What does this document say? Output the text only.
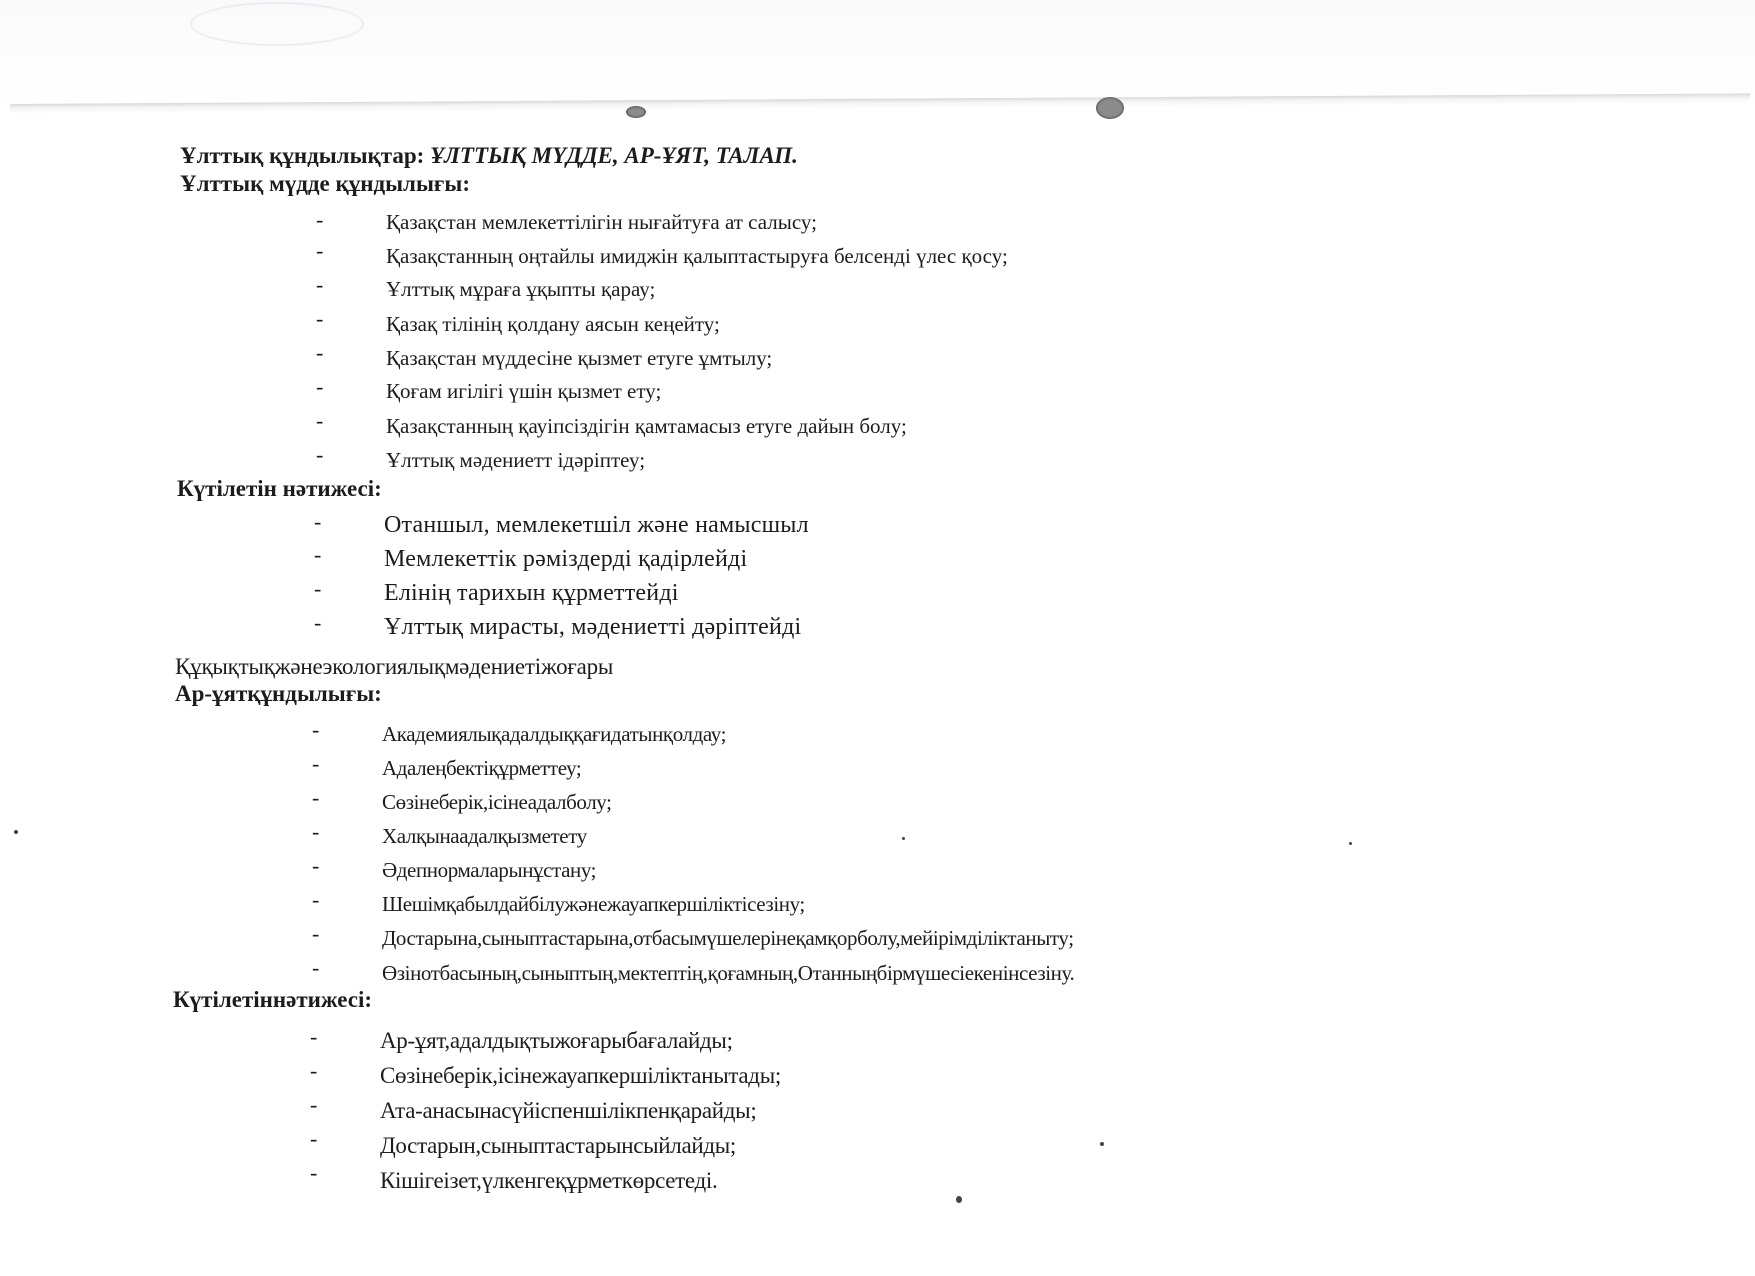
Ұлттық құндылықтар: ҰЛТТЫҚ МҮДДЕ, АР-ҰЯТ, ТАЛАП.
Ұлттық мүдде құндылығы:
-	Қазақстан мемлекеттілігін нығайтуға ат салысу;
-	Қазақстанның оңтайлы имиджін қалыптастыруға белсенді үлес қосу;
-	Ұлттық мұраға ұқыпты қарау;
-	Қазақ тілінің қолдану аясын кеңейту;
-	Қазақстан мүддесіне қызмет етуге ұмтылу;
-	Қоғам игілігі үшін қызмет ету;
-	Қазақстанның қауіпсіздігін қамтамасыз етуге дайын болу;
-	Ұлттық мәдениетт ідәріптеу;
Күтілетін нәтижесі:
-	Отаншыл, мемлекетшіл және намысшыл
-	Мемлекеттік рәміздерді қадірлейді
-	Елінің тарихын құрметтейді
-	Ұлттық мирасты, мәдениетті дәріптейді
Құқықтықжәнеэкологиялықмәдениетіжоғары
Ар-ұятқұндылығы:
-	Академиялықадалдыққағидатынқолдау;
-	Адалеңбектіқұрметтеу;
-	Сөзінеберік,ісінеадалболу;
-	Халқынаадалқызметету
-	Әдепнормаларынұстану;
-	Шешімқабылдайбілужәнежауапкершіліктісезіну;
-	Достарына,сыныптастарына,отбасымүшелерінеқамқорболу,мейірімділіктаныту;
-	Өзінотбасының,сыныптың,мектептің,қоғамның,Отанныңбірмүшесіекенінсезіну.
Күтілетіннәтижесі:
-	Ар-ұят,адалдықтыжоғарыбағалайды;
-	Сөзінеберік,ісінежауапкершіліктанытады;
-	Ата-анасынасүйіспеншілікпенқарайды;
-	Достарын,сыныптастарынсыйлайды;
-	Кішігеізет,үлкенгеқұрметкөрсетеді.
